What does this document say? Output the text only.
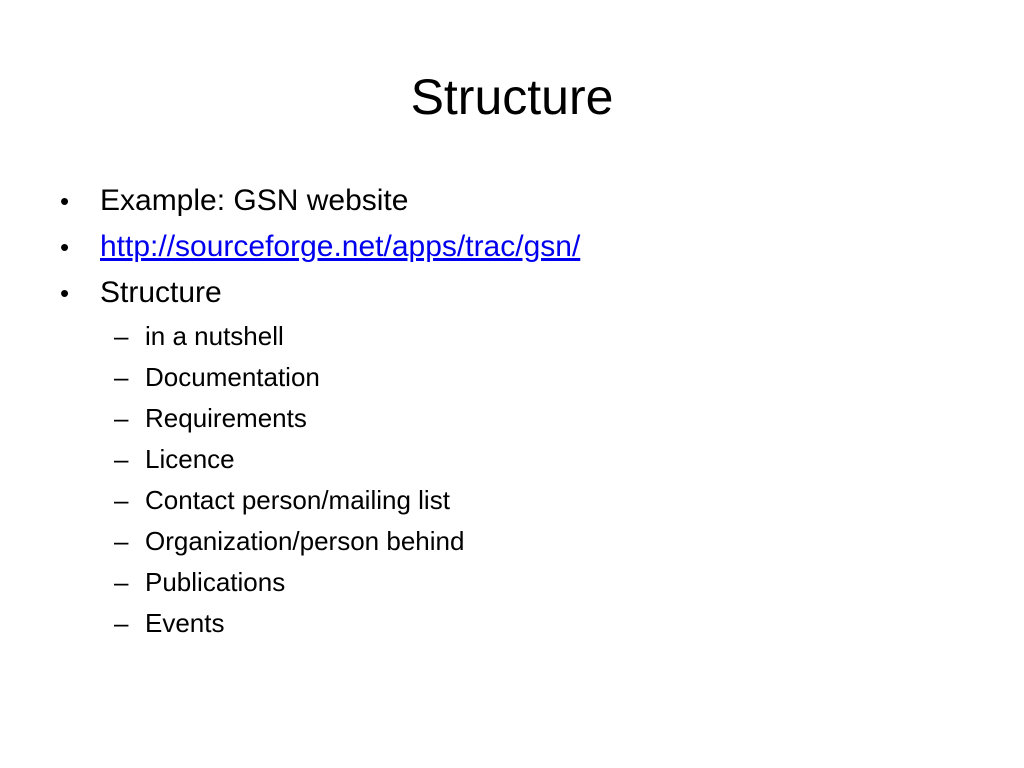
Structure
• Example: GSN website
• http://sourceforge.net/apps/trac/gsn/
• Structure
– in a nutshell
– Documentation
– Requirements
– Licence
– Contact person/mailing list
– Organization/person behind
– Publications
– Events
